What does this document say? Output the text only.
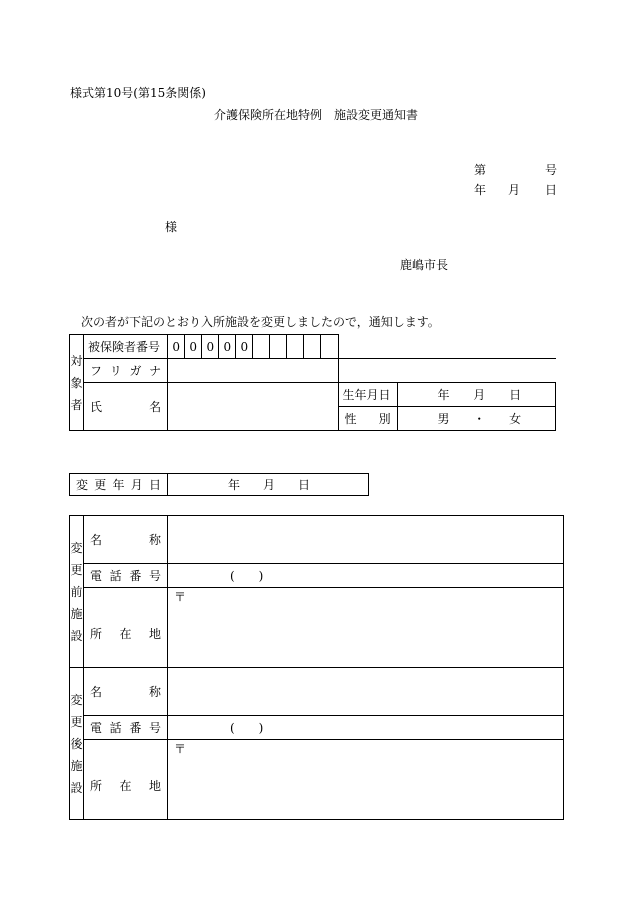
様式第10号(第15条関係)
介護保険所在地特例　施設変更通知書
第	号
年 月 日
様
鹿嶋市長
次の者が下記のとおり入所施設を変更しましたので，通知します。
対
象
者	被保険者番号	0	0	0	0	0							

	フ リ ガ ナ												

	氏 名											生年月日	年 月 日

												性 別	男 ・ 女
変 更 年 月 日	年 月 日
変
更
前
施
設	名 称	

	電 話 番 号	(　　)

	所 在 地	〒

変
更
後
施
設	名 称	

	電 話 番 号	(　　)

	所 在 地	〒
